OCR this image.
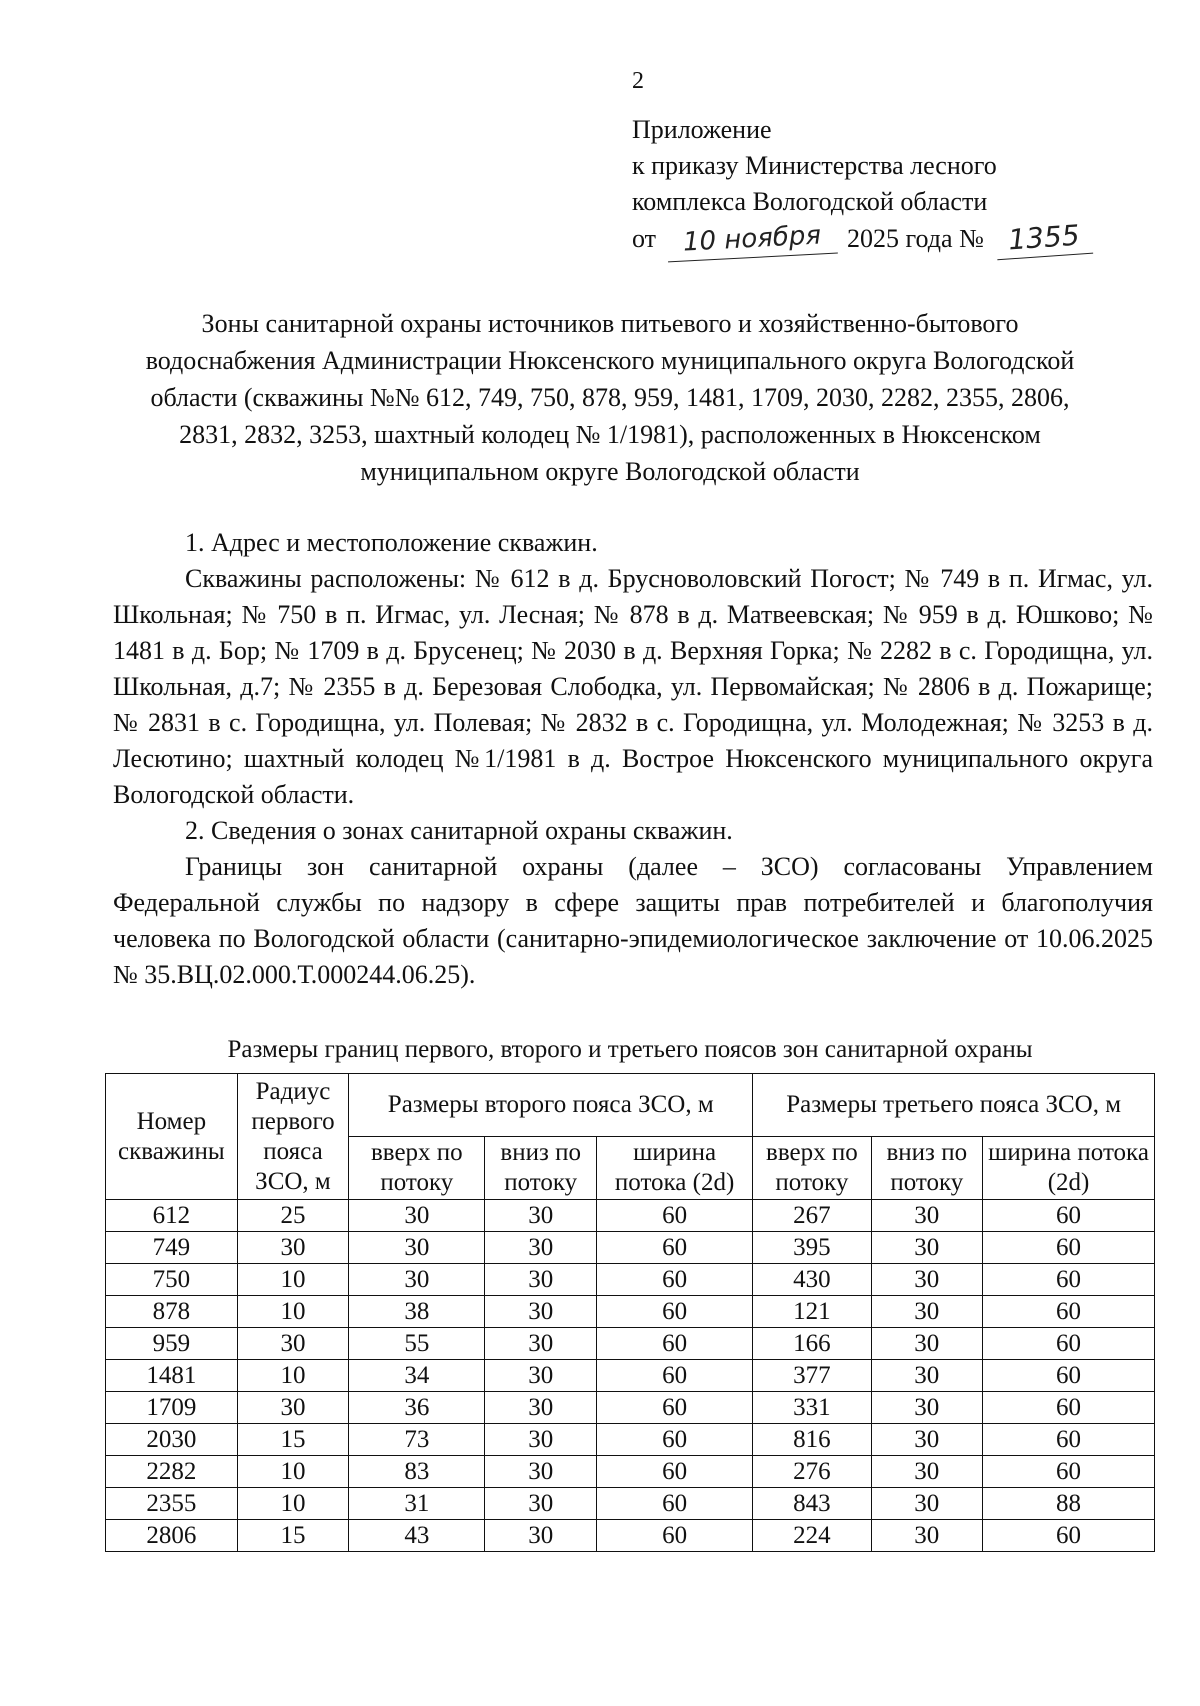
2
Приложение
к приказу Министерства лесного
комплекса Вологодской области
от 10 ноября 2025 года № 1355
Зоны санитарной охраны источников питьевого и хозяйственно-бытового
водоснабжения Администрации Нюксенского муниципального округа Вологодской
области (скважины №№ 612, 749, 750, 878, 959, 1481, 1709, 2030, 2282, 2355, 2806,
2831, 2832, 3253, шахтный колодец № 1/1981), расположенных в Нюксенском
муниципальном округе Вологодской области

1. Адрес и местоположение скважин.

Скважины расположены: № 612 в д. Брусноволовский Погост; № 749 в п. Игмас, ул. Школьная; № 750 в п. Игмас, ул. Лесная; № 878 в д. Матвеевская; № 959 в д. Юшково; № 1481 в д. Бор; № 1709 в д. Брусенец; № 2030 в д. Верхняя Горка; № 2282 в с. Городищна, ул. Школьная, д.7; № 2355 в д. Березовая Слободка, ул. Первомайская; № 2806 в д. Пожарище; № 2831 в с. Городищна, ул. Полевая; № 2832 в с. Городищна, ул. Молодежная; № 3253 в д. Лесютино; шахтный колодец №1/1981 в д. Вострое Нюксенского муниципального округа Вологодской области.

2. Сведения о зонах санитарной охраны скважин.

Границы зон санитарной охраны (далее – ЗСО) согласованы Управлением Федеральной службы по надзору в сфере защиты прав потребителей и благополучия человека по Вологодской области (санитарно-эпидемиологическое заключение от 10.06.2025 № 35.ВЦ.02.000.Т.000244.06.25).

Размеры границ первого, второго и третьего поясов зон санитарной охраны
Номер скважины	Радиус первого пояса ЗСО, м	Размеры второго пояса ЗСО, м			Размеры третьего пояса ЗСО, м		
		вверх по потоку	вниз по потоку	ширина потока (2d)	вверх по потоку	вниз по потоку	ширина потока (2d)
612	25	30	30	60	267	30	60
749	30	30	30	60	395	30	60
750	10	30	30	60	430	30	60
878	10	38	30	60	121	30	60
959	30	55	30	60	166	30	60
1481	10	34	30	60	377	30	60
1709	30	36	30	60	331	30	60
2030	15	73	30	60	816	30	60
2282	10	83	30	60	276	30	60
2355	10	31	30	60	843	30	88
2806	15	43	30	60	224	30	60
